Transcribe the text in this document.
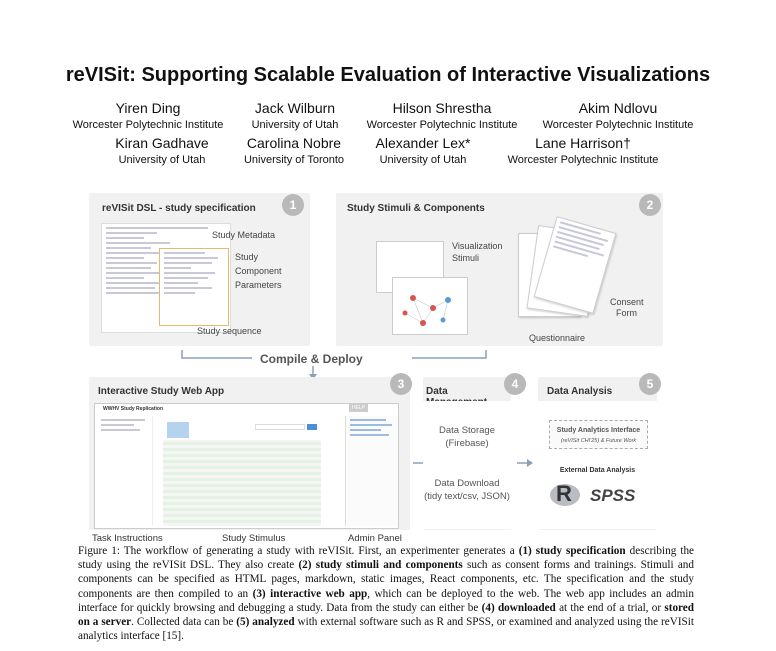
reVISit: Supporting Scalable Evaluation of Interactive Visualizations
Yiren Ding
Worcester Polytechnic Institute
Jack Wilburn
University of Utah
Hilson Shrestha
Worcester Polytechnic Institute
Akim Ndlovu
Worcester Polytechnic Institute
Kiran Gadhave
University of Utah
Carolina Nobre
University of Toronto
Alexander Lex*
University of Utah
Lane Harrison†
Worcester Polytechnic Institute
reVISit DSL - study specification	1
Study Metadata
Study
Component
Parameters
Study sequence
Study Stimuli & Components	2
Visualization
Stimuli
Consent
Form
Questionnaire
Compile & Deploy
Interactive Study Web App
3
WWHV Study Replication	HELP
Data
4
Data Storage
(Firebase)
Data Download
(tidy text/csv, JSON)
Data Analysis
5
Study Analytics Interface
(reVISit CHI'25) & Future Work
External Data Analysis
R SPSS
Task Instructions	Study Stimulus	Admin Panel
Figure 1: The workflow of generating a study with reVISit. First, an experimenter generates a (1) study specification describing the study using the reVISit DSL. They also create (2) study stimuli and components such as consent forms and trainings. Stimuli and components can be specified as HTML pages, markdown, static images, React components, etc. The specification and the study components are then compiled to an (3) interactive web app, which can be deployed to the web. The web app includes an admin interface for quickly browsing and debugging a study. Data from the study can either be (4) downloaded at the end of a trial, or stored on a server. Collected data can be (5) analyzed with external software such as R and SPSS, or examined and analyzed using the reVISit analytics interface [15].
